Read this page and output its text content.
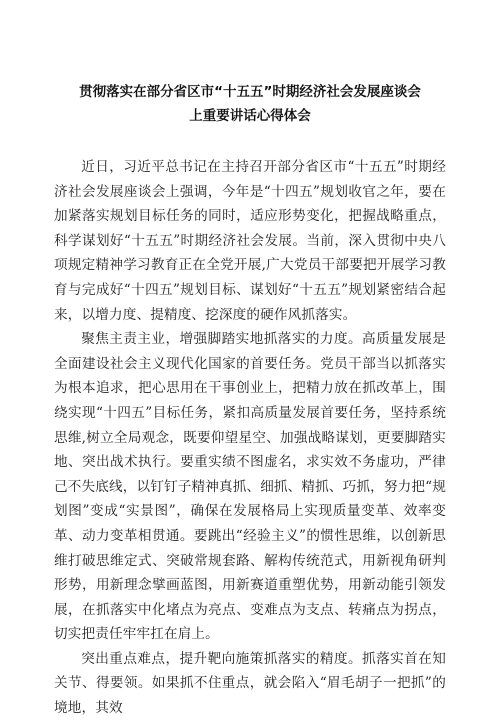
贯彻落实在部分省区市“十五五”时期经济社会发展座谈会
上重要讲话心得体会

近日，习近平总书记在主持召开部分省区市“十五五”时期经济社会发展座谈会上强调，今年是“十四五”规划收官之年，要在加紧落实规划目标任务的同时，适应形势变化，把握战略重点，科学谋划好“十五五”时期经济社会发展。当前，深入贯彻中央八项规定精神学习教育正在全党开展,广大党员干部要把开展学习教育与完成好“十四五”规划目标、谋划好“十五五”规划紧密结合起来，以增力度、提精度、挖深度的硬作风抓落实。

聚焦主责主业，增强脚踏实地抓落实的力度。高质量发展是全面建设社会主义现代化国家的首要任务。党员干部当以抓落实为根本追求，把心思用在干事创业上，把精力放在抓改革上，围绕实现“十四五”目标任务，紧扣高质量发展首要任务，坚持系统思维,树立全局观念，既要仰望星空、加强战略谋划，更要脚踏实地、突出战术执行。要重实绩不图虚名，求实效不务虚功，严律己不失底线，以钉钉子精神真抓、细抓、精抓、巧抓，努力把“规划图”变成“实景图”，确保在发展格局上实现质量变革、效率变革、动力变革相贯通。要跳出“经验主义”的惯性思维，以创新思维打破思维定式、突破常规套路、解构传统范式，用新视角研判形势，用新理念擘画蓝图，用新赛道重塑优势，用新动能引领发展，在抓落实中化堵点为亮点、变难点为支点、转痛点为拐点，切实把责任牢牢扛在肩上。

突出重点难点，提升靶向施策抓落实的精度。抓落实首在知关节、得要领。如果抓不住重点，就会陷入“眉毛胡子一把抓”的境地，其效
